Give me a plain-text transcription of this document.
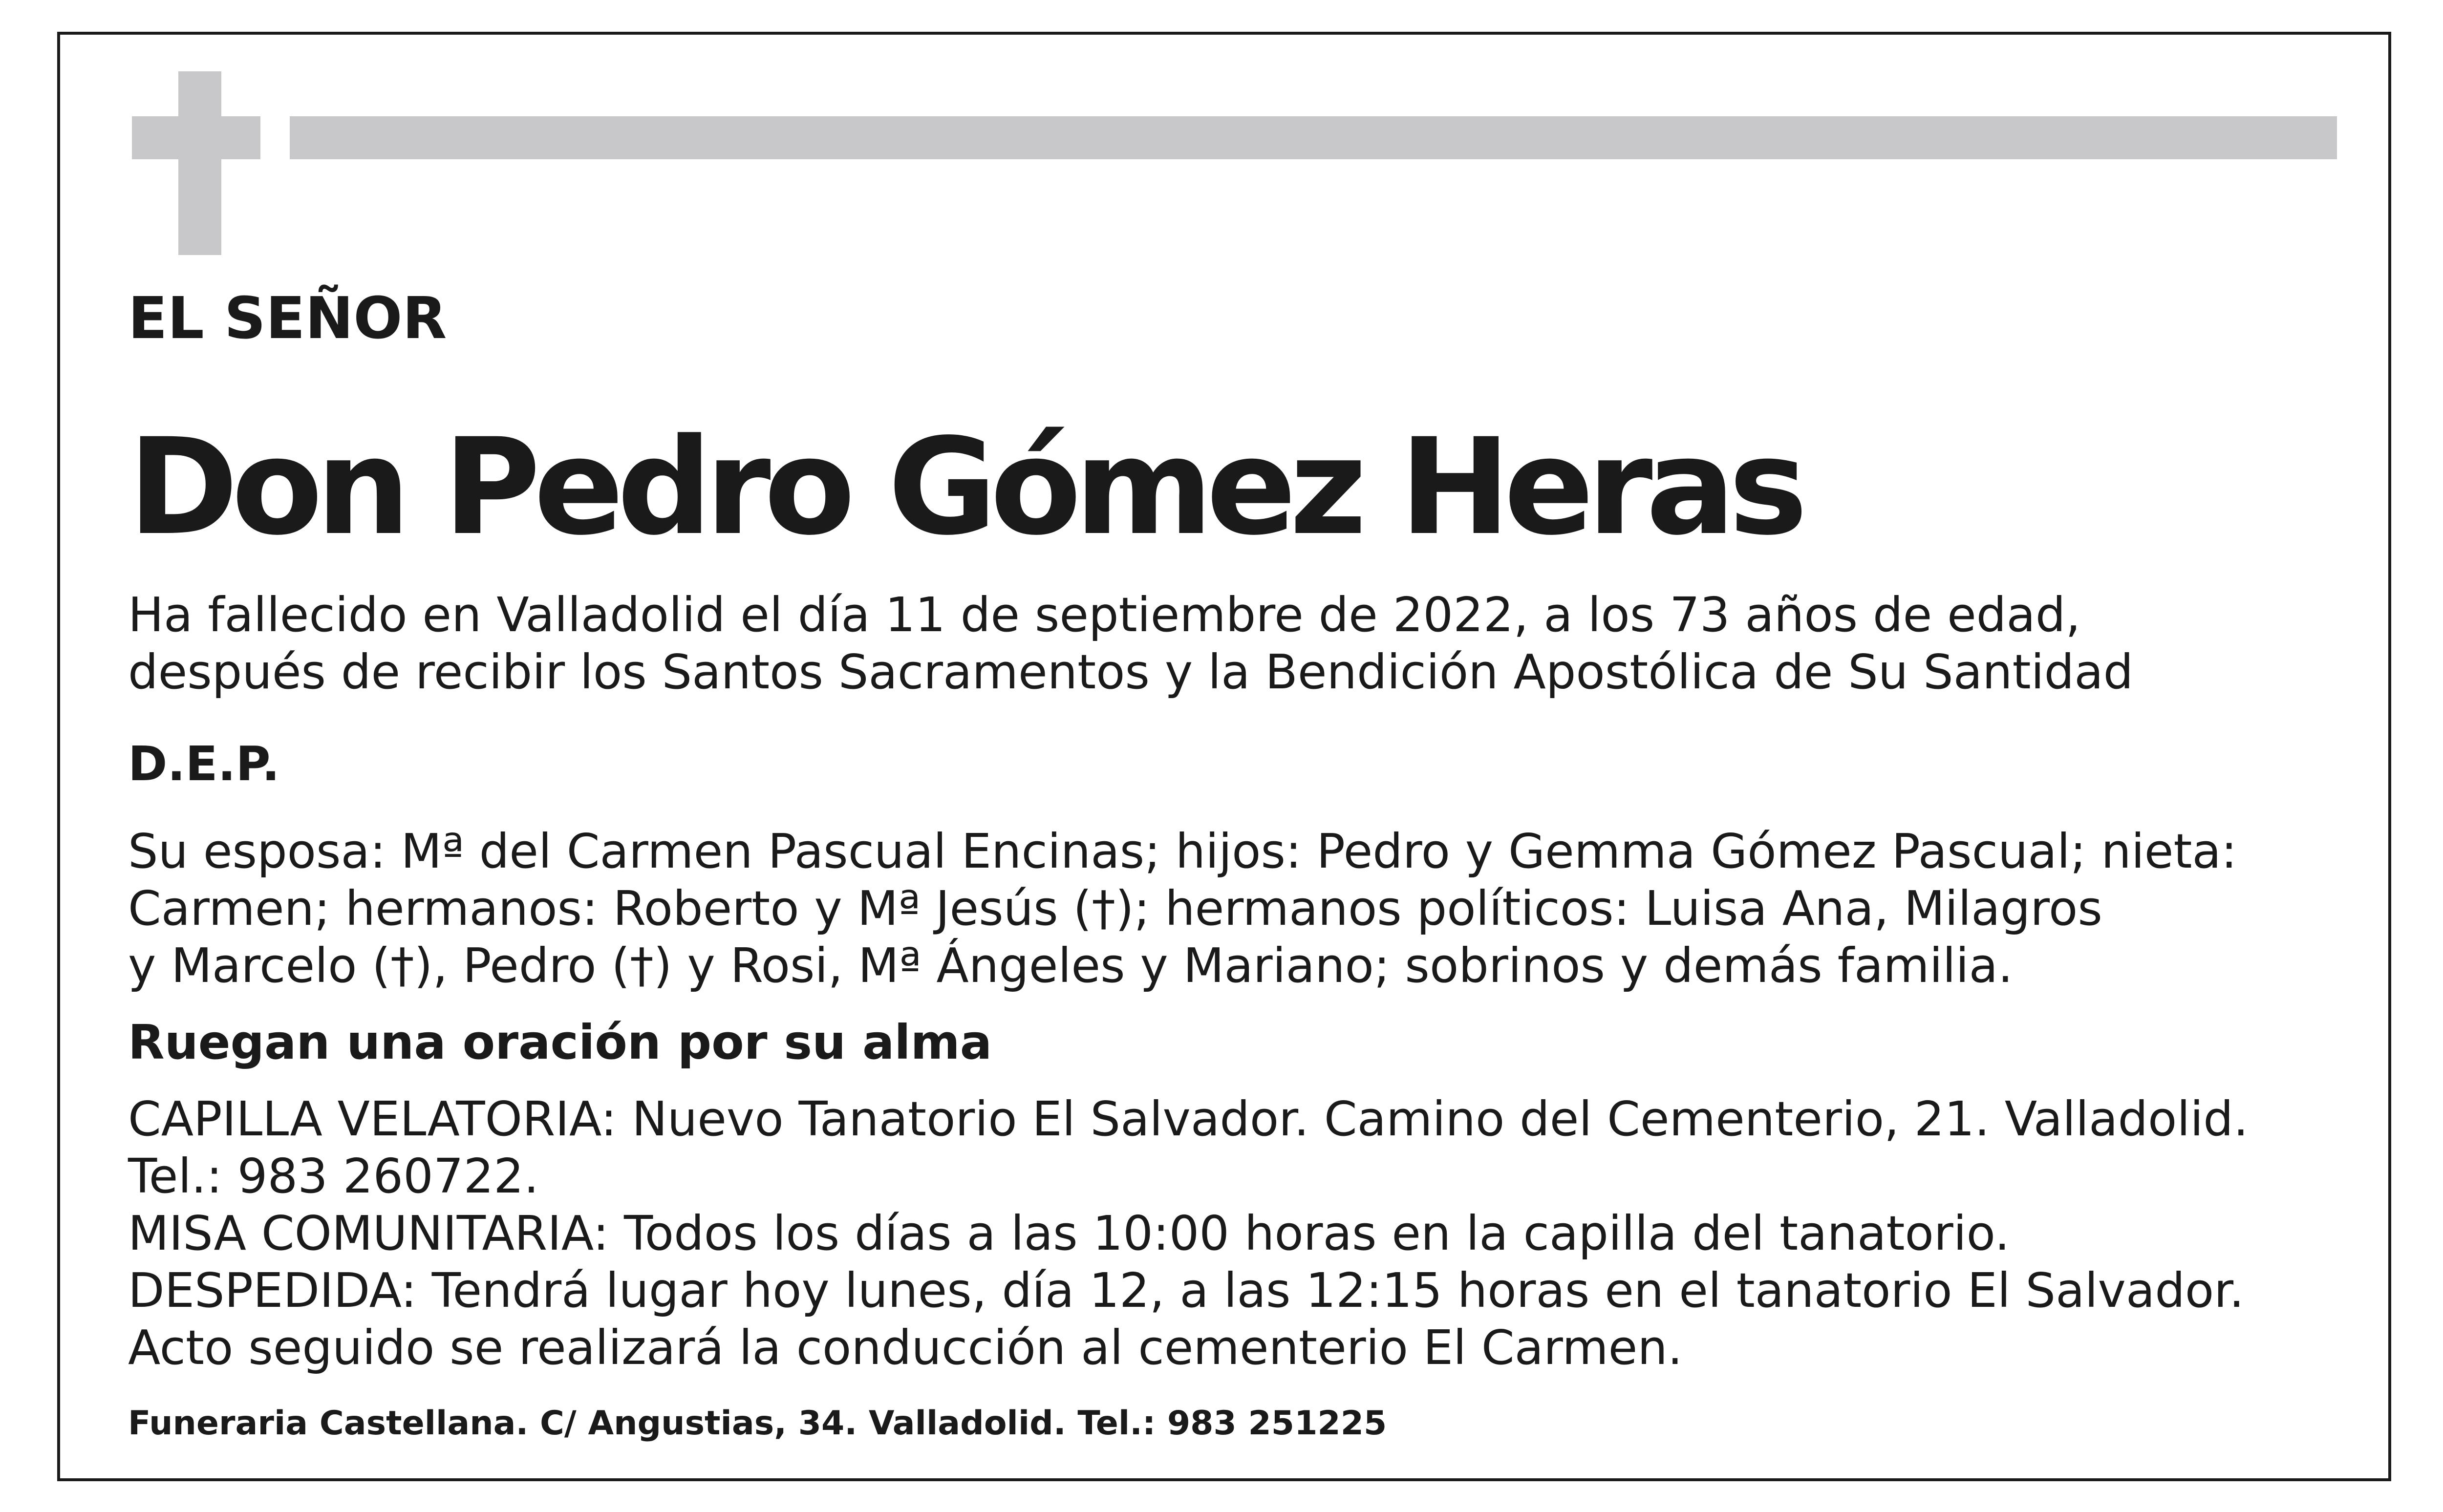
EL SEÑOR
Don Pedro Gómez Heras
Ha fallecido en Valladolid el día 11 de septiembre de 2022, a los 73 años de edad,
después de recibir los Santos Sacramentos y la Bendición Apostólica de Su Santidad
D.E.P.
Su esposa: Mª del Carmen Pascual Encinas; hijos: Pedro y Gemma Gómez Pascual; nieta:
Carmen; hermanos: Roberto y Mª Jesús (†); hermanos políticos: Luisa Ana, Milagros
y Marcelo (†), Pedro (†) y Rosi, Mª Ángeles y Mariano; sobrinos y demás familia.
Ruegan una oración por su alma
CAPILLA VELATORIA: Nuevo Tanatorio El Salvador. Camino del Cementerio, 21. Valladolid.
Tel.: 983 260722.
MISA COMUNITARIA: Todos los días a las 10:00 horas en la capilla del tanatorio.
DESPEDIDA: Tendrá lugar hoy lunes, día 12, a las 12:15 horas en el tanatorio El Salvador.
Acto seguido se realizará la conducción al cementerio El Carmen.
Funeraria Castellana. C/ Angustias, 34. Valladolid. Tel.: 983 251225
